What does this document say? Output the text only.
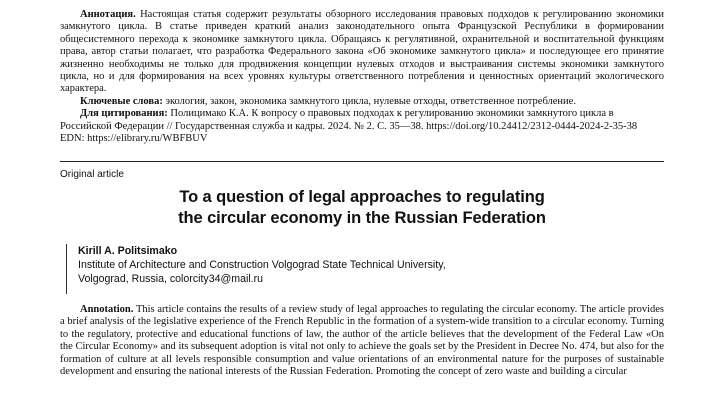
Аннотация. Настоящая статья содержит результаты обзорного исследования правовых подходов к регулированию экономики замкнутого цикла. В статье приведен краткий анализ законодательного опыта Французской Республики в формировании общесистемного перехода к экономике замкнутого цикла. Обращаясь к регулятивной, охранительной и воспитательной функциям права, автор статьи полагает, что разработка Федерального закона «Об экономике замкнутого цикла» и последующее его принятие жизненно необходимы не только для продвижения концепции нулевых отходов и выстраивания системы экономики замкнутого цикла, но и для формирования на всех уровнях культуры ответственного потребления и ценностных ориентаций экологического характера.

Ключевые слова: экология, закон, экономика замкнутого цикла, нулевые отходы, ответственное потребление.

Для цитирования: Полицимако К.А. К вопросу о правовых подходах к регулированию экономики замкнутого цикла в Российской Федерации // Государственная служба и кадры. 2024. № 2. С. 35—38. https://doi.org/10.24412/2312-0444-2024-2-35-38 EDN: https://elibrary.ru/WBFBUV

Original article
To a question of legal approaches to regulating
the circular economy in the Russian Federation
Kirill A. Politsimako
Institute of Architecture and Construction Volgograd State Technical University,
Volgograd, Russia, colorcity34@mail.ru

Annotation. This article contains the results of a review study of legal approaches to regulating the circular economy. The article provides a brief analysis of the legislative experience of the French Republic in the formation of a system-wide transition to a circular economy. Turning to the regulatory, protective and educational functions of law, the author of the article believes that the development of the Federal Law «On the Circular Economy» and its subsequent adoption is vital not only to achieve the goals set by the President in Decree No. 474, but also for the formation of culture at all levels responsible consumption and value orientations of an environmental nature for the purposes of sustainable development and ensuring the national interests of the Russian Federation. Promoting the concept of zero waste and building a circular
